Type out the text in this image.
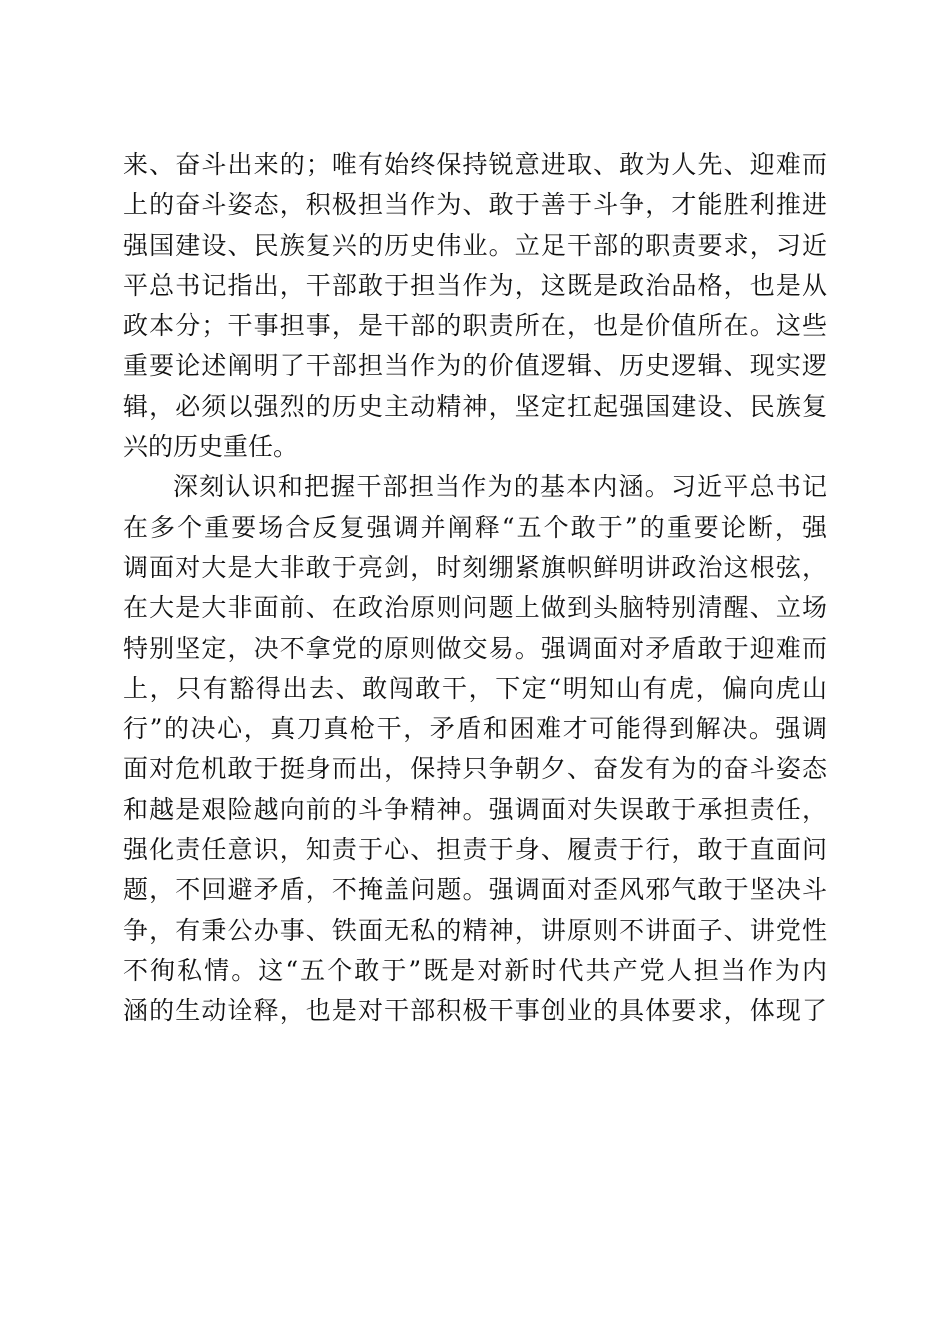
来、奋斗出来的；唯有始终保持锐意进取、敢为人先、迎难而
上的奋斗姿态，积极担当作为、敢于善于斗争，才能胜利推进
强国建设、民族复兴的历史伟业。立足干部的职责要求，习近
平总书记指出，干部敢于担当作为，这既是政治品格，也是从
政本分；干事担事，是干部的职责所在，也是价值所在。这些
重要论述阐明了干部担当作为的价值逻辑、历史逻辑、现实逻
辑，必须以强烈的历史主动精神，坚定扛起强国建设、民族复
兴的历史重任。
深刻认识和把握干部担当作为的基本内涵。习近平总书记
在多个重要场合反复强调并阐释“五个敢于”的重要论断，强
调面对大是大非敢于亮剑，时刻绷紧旗帜鲜明讲政治这根弦，
在大是大非面前、在政治原则问题上做到头脑特别清醒、立场
特别坚定，决不拿党的原则做交易。强调面对矛盾敢于迎难而
上，只有豁得出去、敢闯敢干，下定“明知山有虎，偏向虎山
行”的决心，真刀真枪干，矛盾和困难才可能得到解决。强调
面对危机敢于挺身而出，保持只争朝夕、奋发有为的奋斗姿态
和越是艰险越向前的斗争精神。强调面对失误敢于承担责任，
强化责任意识，知责于心、担责于身、履责于行，敢于直面问
题，不回避矛盾，不掩盖问题。强调面对歪风邪气敢于坚决斗
争，有秉公办事、铁面无私的精神，讲原则不讲面子、讲党性
不徇私情。这“五个敢于”既是对新时代共产党人担当作为内
涵的生动诠释，也是对干部积极干事创业的具体要求，体现了
